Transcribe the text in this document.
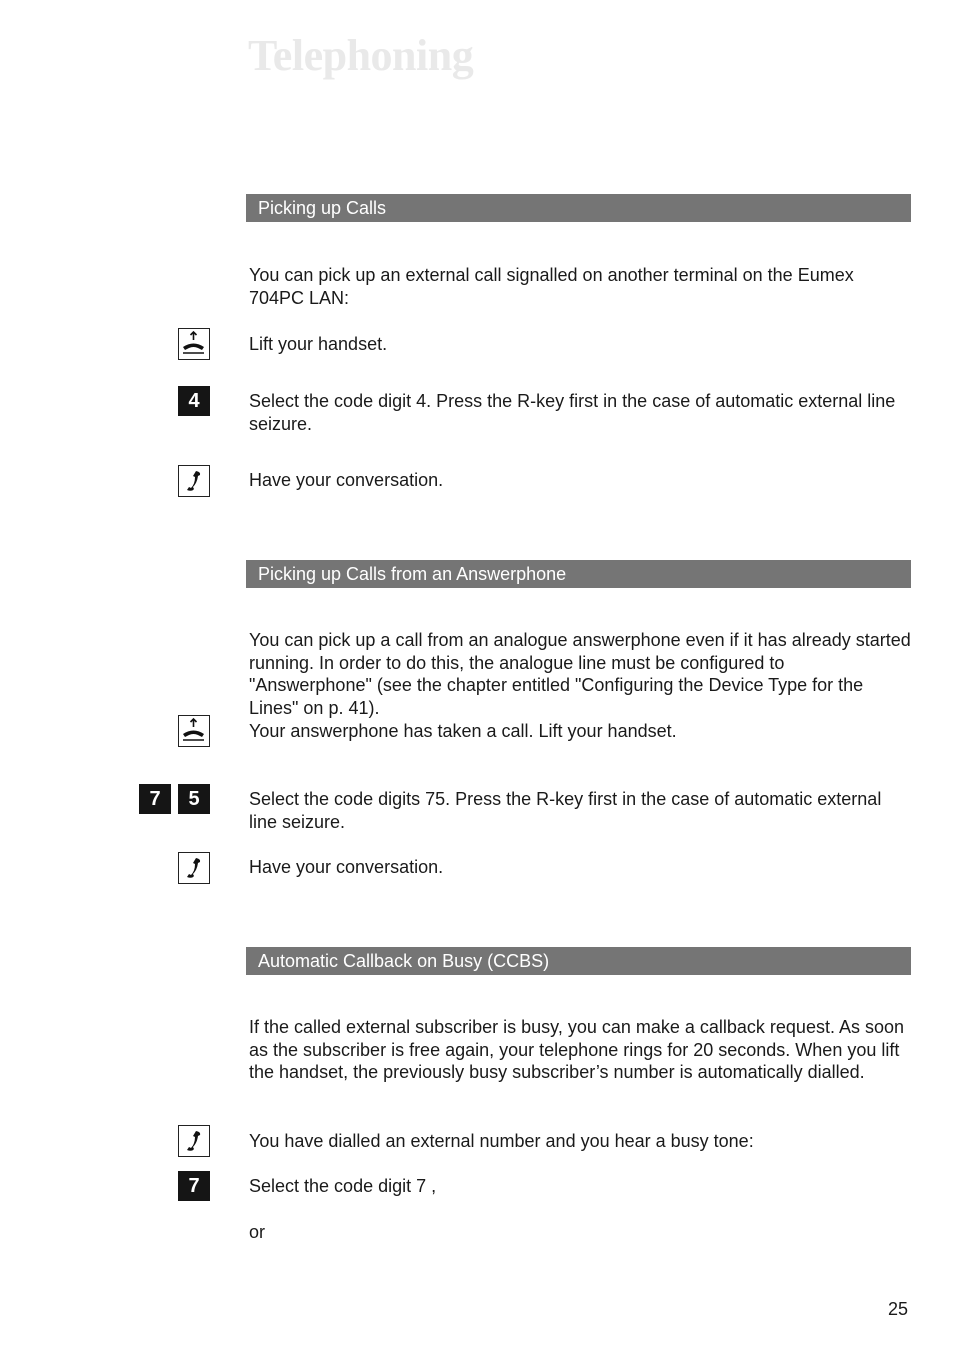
Telephoning
Picking up Calls
You can pick up an external call signalled on another terminal on the Eumex 704PC LAN:
Lift your handset.
4	Select the code digit 4. Press the R-key first in the case of automatic external line seizure.
Have your conversation.
Picking up Calls from an Answerphone
You can pick up a call from an analogue answerphone even if it has already started running. In order to do this, the analogue line must be configured to "Answerphone" (see the chapter entitled "Configuring the Device Type for the Lines" on p. 41).
Your answerphone has taken a call. Lift your handset.
7	5	Select the code digits 75. Press the R-key first in the case of automatic external line seizure.
Have your conversation.
Automatic Callback on Busy (CCBS)
If the called external subscriber is busy, you can make a callback request. As soon as the subscriber is free again, your telephone rings for 20 seconds. When you lift the handset, the previously busy subscriber’s number is automatically dialled.
You have dialled an external number and you hear a busy tone:
7	Select the code digit 7 ,
or
25
